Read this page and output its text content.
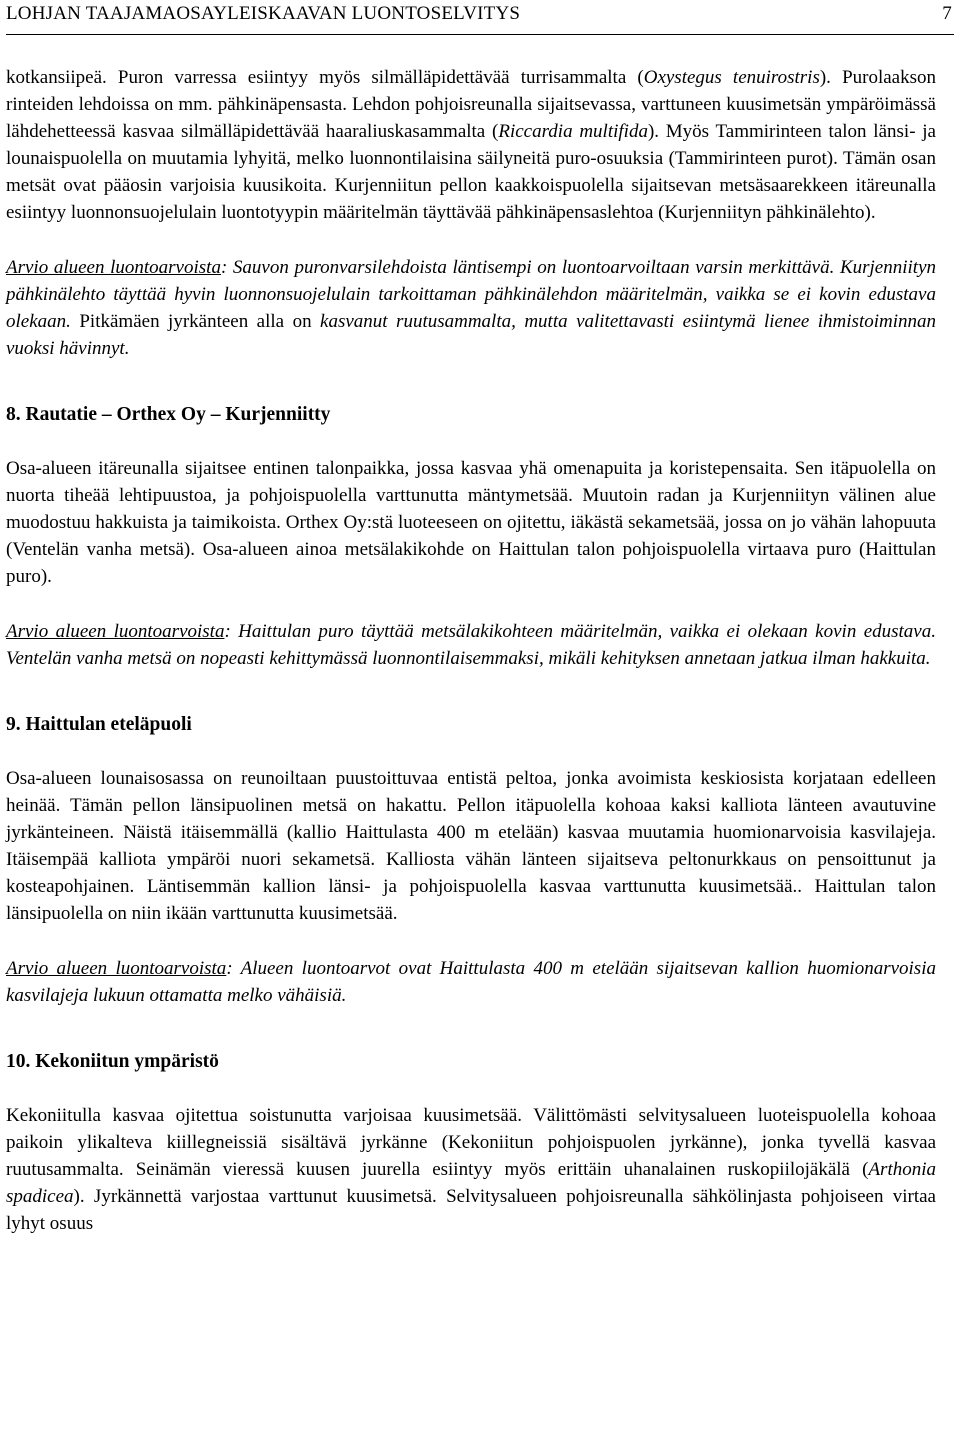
LOHJAN TAAJAMAOSAYLEISKAAVAN LUONTOSELVITYS	7

kotkansiipeä. Puron varressa esiintyy myös silmälläpidettävää turrisammalta (Oxystegus tenuirostris). Purolaakson rinteiden lehdoissa on mm. pähkinäpensasta. Lehdon pohjoisreunalla sijaitsevassa, varttuneen kuusimetsän ympäröimässä lähdehetteessä kasvaa silmälläpidettävää haaraliuskasammalta (Riccardia multifida). Myös Tammirinteen talon länsi- ja lounaispuolella on muutamia lyhyitä, melko luonnontilaisina säilyneitä puro-osuuksia (Tammirinteen purot). Tämän osan metsät ovat pääosin varjoisia kuusikoita. Kurjenniitun pellon kaakkoispuolella sijaitsevan metsäsaarekkeen itäreunalla esiintyy luonnonsuojelulain luontotyypin määritelmän täyttävää pähkinäpensaslehtoa (Kurjenniityn pähkinälehto).

Arvio alueen luontoarvoista: Sauvon puronvarsilehdoista läntisempi on luontoarvoiltaan varsin merkittävä. Kurjenniityn pähkinälehto täyttää hyvin luonnonsuojelulain tarkoittaman pähkinälehdon määritelmän, vaikka se ei kovin edustava olekaan. Pitkämäen jyrkänteen alla on kasvanut ruutusammalta, mutta valitettavasti esiintymä lienee ihmistoiminnan vuoksi hävinnyt.

8. Rautatie – Orthex Oy – Kurjenniitty

Osa-alueen itäreunalla sijaitsee entinen talonpaikka, jossa kasvaa yhä omenapuita ja koristepensaita. Sen itäpuolella on nuorta tiheää lehtipuustoa, ja pohjoispuolella varttunutta mäntymetsää. Muutoin radan ja Kurjenniityn välinen alue muodostuu hakkuista ja taimikoista. Orthex Oy:stä luoteeseen on ojitettu, iäkästä sekametsää, jossa on jo vähän lahopuuta (Ventelän vanha metsä). Osa-alueen ainoa metsälakikohde on Haittulan talon pohjoispuolella virtaava puro (Haittulan puro).

Arvio alueen luontoarvoista: Haittulan puro täyttää metsälakikohteen määritelmän, vaikka ei olekaan kovin edustava. Ventelän vanha metsä on nopeasti kehittymässä luonnontilaisemmaksi, mikäli kehityksen annetaan jatkua ilman hakkuita.

9. Haittulan eteläpuoli

Osa-alueen lounaisosassa on reunoiltaan puustoittuvaa entistä peltoa, jonka avoimista keskiosista korjataan edelleen heinää. Tämän pellon länsipuolinen metsä on hakattu. Pellon itäpuolella kohoaa kaksi kalliota länteen avautuvine jyrkänteineen. Näistä itäisemmällä (kallio Haittulasta 400 m etelään) kasvaa muutamia huomionarvoisia kasvilajeja. Itäisempää kalliota ympäröi nuori sekametsä. Kalliosta vähän länteen sijaitseva peltonurkkaus on pensoittunut ja kosteapohjainen. Läntisemmän kallion länsi- ja pohjoispuolella kasvaa varttunutta kuusimetsää.. Haittulan talon länsipuolella on niin ikään varttunutta kuusimetsää.

Arvio alueen luontoarvoista: Alueen luontoarvot ovat Haittulasta 400 m etelään sijaitsevan kallion huomionarvoisia kasvilajeja lukuun ottamatta melko vähäisiä.

10. Kekoniitun ympäristö

Kekoniitulla kasvaa ojitettua soistunutta varjoisaa kuusimetsää. Välittömästi selvitysalueen luoteispuolella kohoaa paikoin ylikalteva kiillegneissiä sisältävä jyrkänne (Kekoniitun pohjoispuolen jyrkänne), jonka tyvellä kasvaa ruutusammalta. Seinämän vieressä kuusen juurella esiintyy myös erittäin uhanalainen ruskopiilojäkälä (Arthonia spadicea). Jyrkännettä varjostaa varttunut kuusimetsä. Selvitysalueen pohjoisreunalla sähkölinjasta pohjoiseen virtaa lyhyt osuus
